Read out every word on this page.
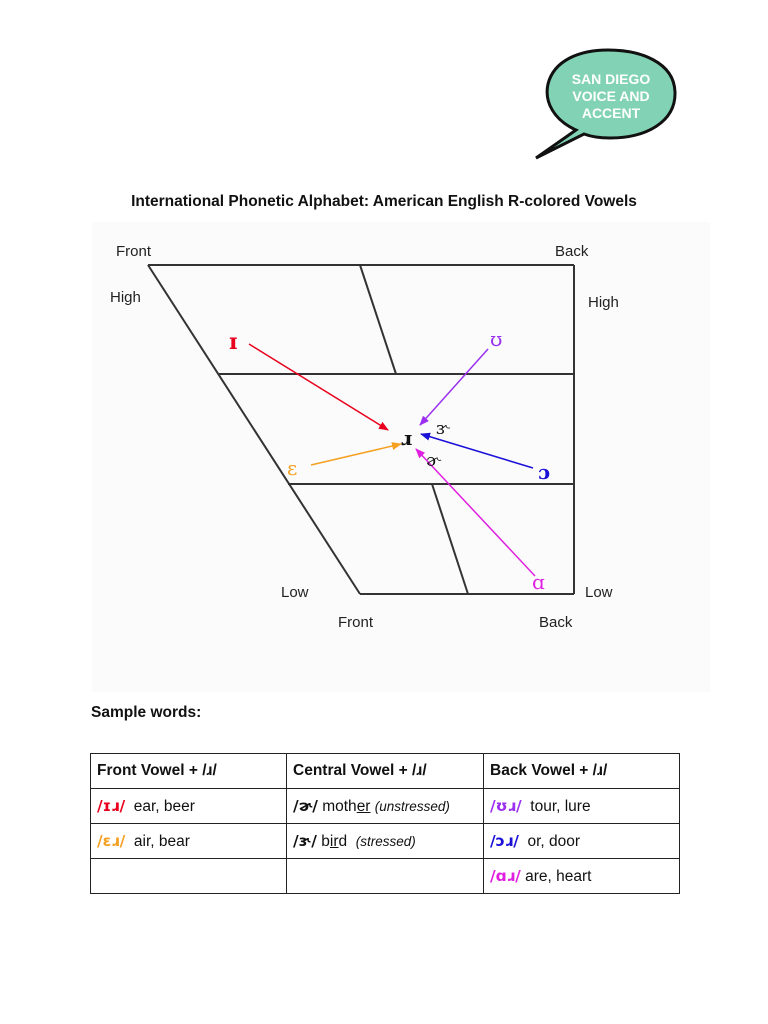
SAN DIEGO
VOICE AND
ACCENT
International Phonetic Alphabet: American English R-colored Vowels
Front	Back
High	High
Low	Low
Front	Back
ɪ	ʊ
ɛ	ɔ
ɑ
ɹ ɝ
ɚ
Sample words:
Front Vowel + /ɹ/	Central Vowel + /ɹ/	Back Vowel + /ɹ/
/ɪɹ/ ear, beer	/ɚ/ mother (unstressed)	/ʊɹ/ tour, lure
/ɛɹ/ air, bear	/ɝ/ bird (stressed)	/ɔɹ/ or, door
		/ɑɹ/ are, heart
